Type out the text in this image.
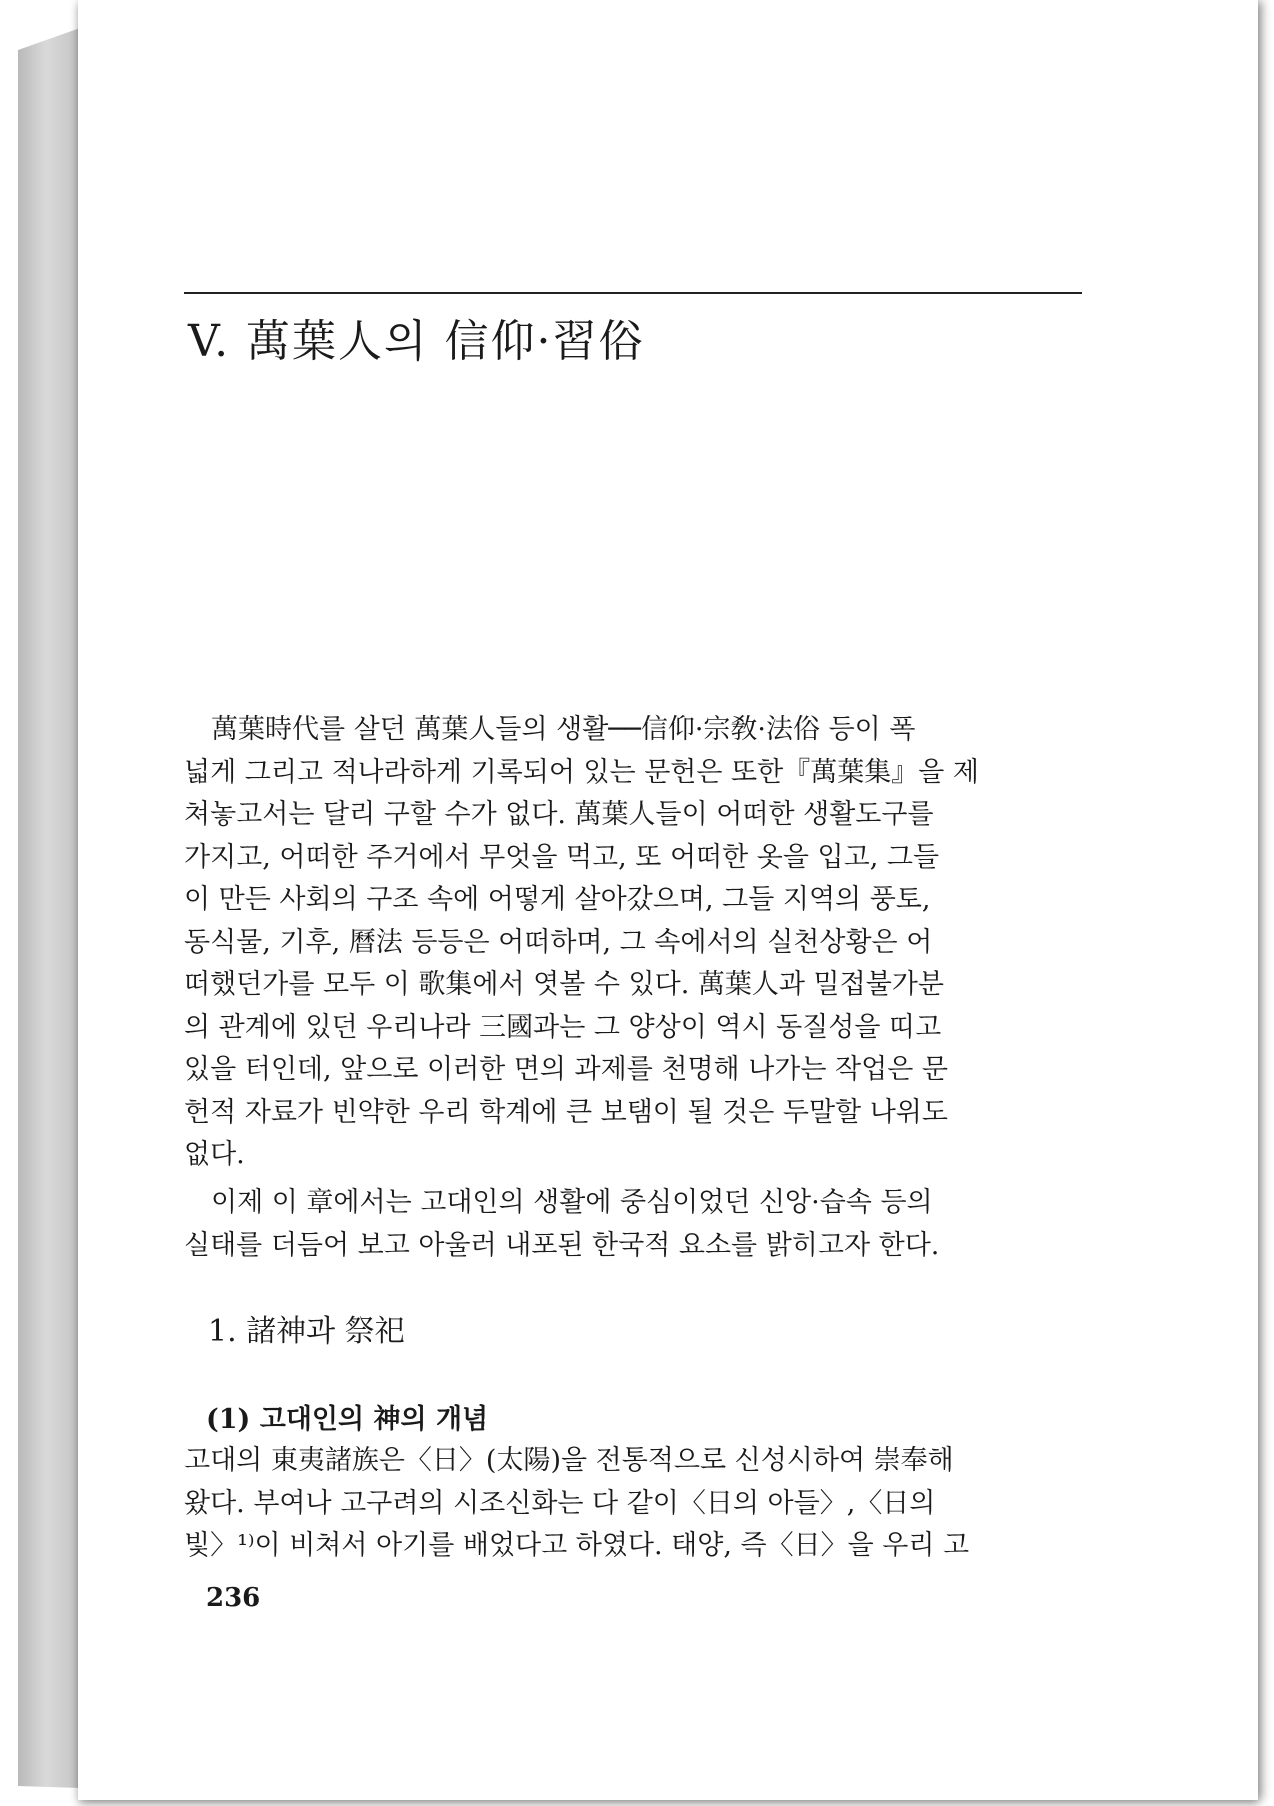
V. 萬葉人의 信仰·習俗
　萬葉時代를 살던 萬葉人들의 생활──信仰·宗敎·法俗 등이 폭
넓게 그리고 적나라하게 기록되어 있는 문헌은 또한『萬葉集』을 제
쳐놓고서는 달리 구할 수가 없다. 萬葉人들이 어떠한 생활도구를
가지고, 어떠한 주거에서 무엇을 먹고, 또 어떠한 옷을 입고, 그들
이 만든 사회의 구조 속에 어떻게 살아갔으며, 그들 지역의 풍토,
동식물, 기후, 曆法 등등은 어떠하며, 그 속에서의 실천상황은 어
떠했던가를 모두 이 歌集에서 엿볼 수 있다. 萬葉人과 밀접불가분
의 관계에 있던 우리나라 三國과는 그 양상이 역시 동질성을 띠고
있을 터인데, 앞으로 이러한 면의 과제를 천명해 나가는 작업은 문
헌적 자료가 빈약한 우리 학계에 큰 보탬이 될 것은 두말할 나위도
없다.
　이제 이 章에서는 고대인의 생활에 중심이었던 신앙·습속 등의
실태를 더듬어 보고 아울러 내포된 한국적 요소를 밝히고자 한다.
1. 諸神과 祭祀
(1) 고대인의 神의 개념
고대의 東夷諸族은〈日〉(太陽)을 전통적으로 신성시하여 崇奉해
왔다. 부여나 고구려의 시조신화는 다 같이〈日의 아들〉,〈日의
빛〉¹⁾이 비쳐서 아기를 배었다고 하였다. 태양, 즉〈日〉을 우리 고
236
